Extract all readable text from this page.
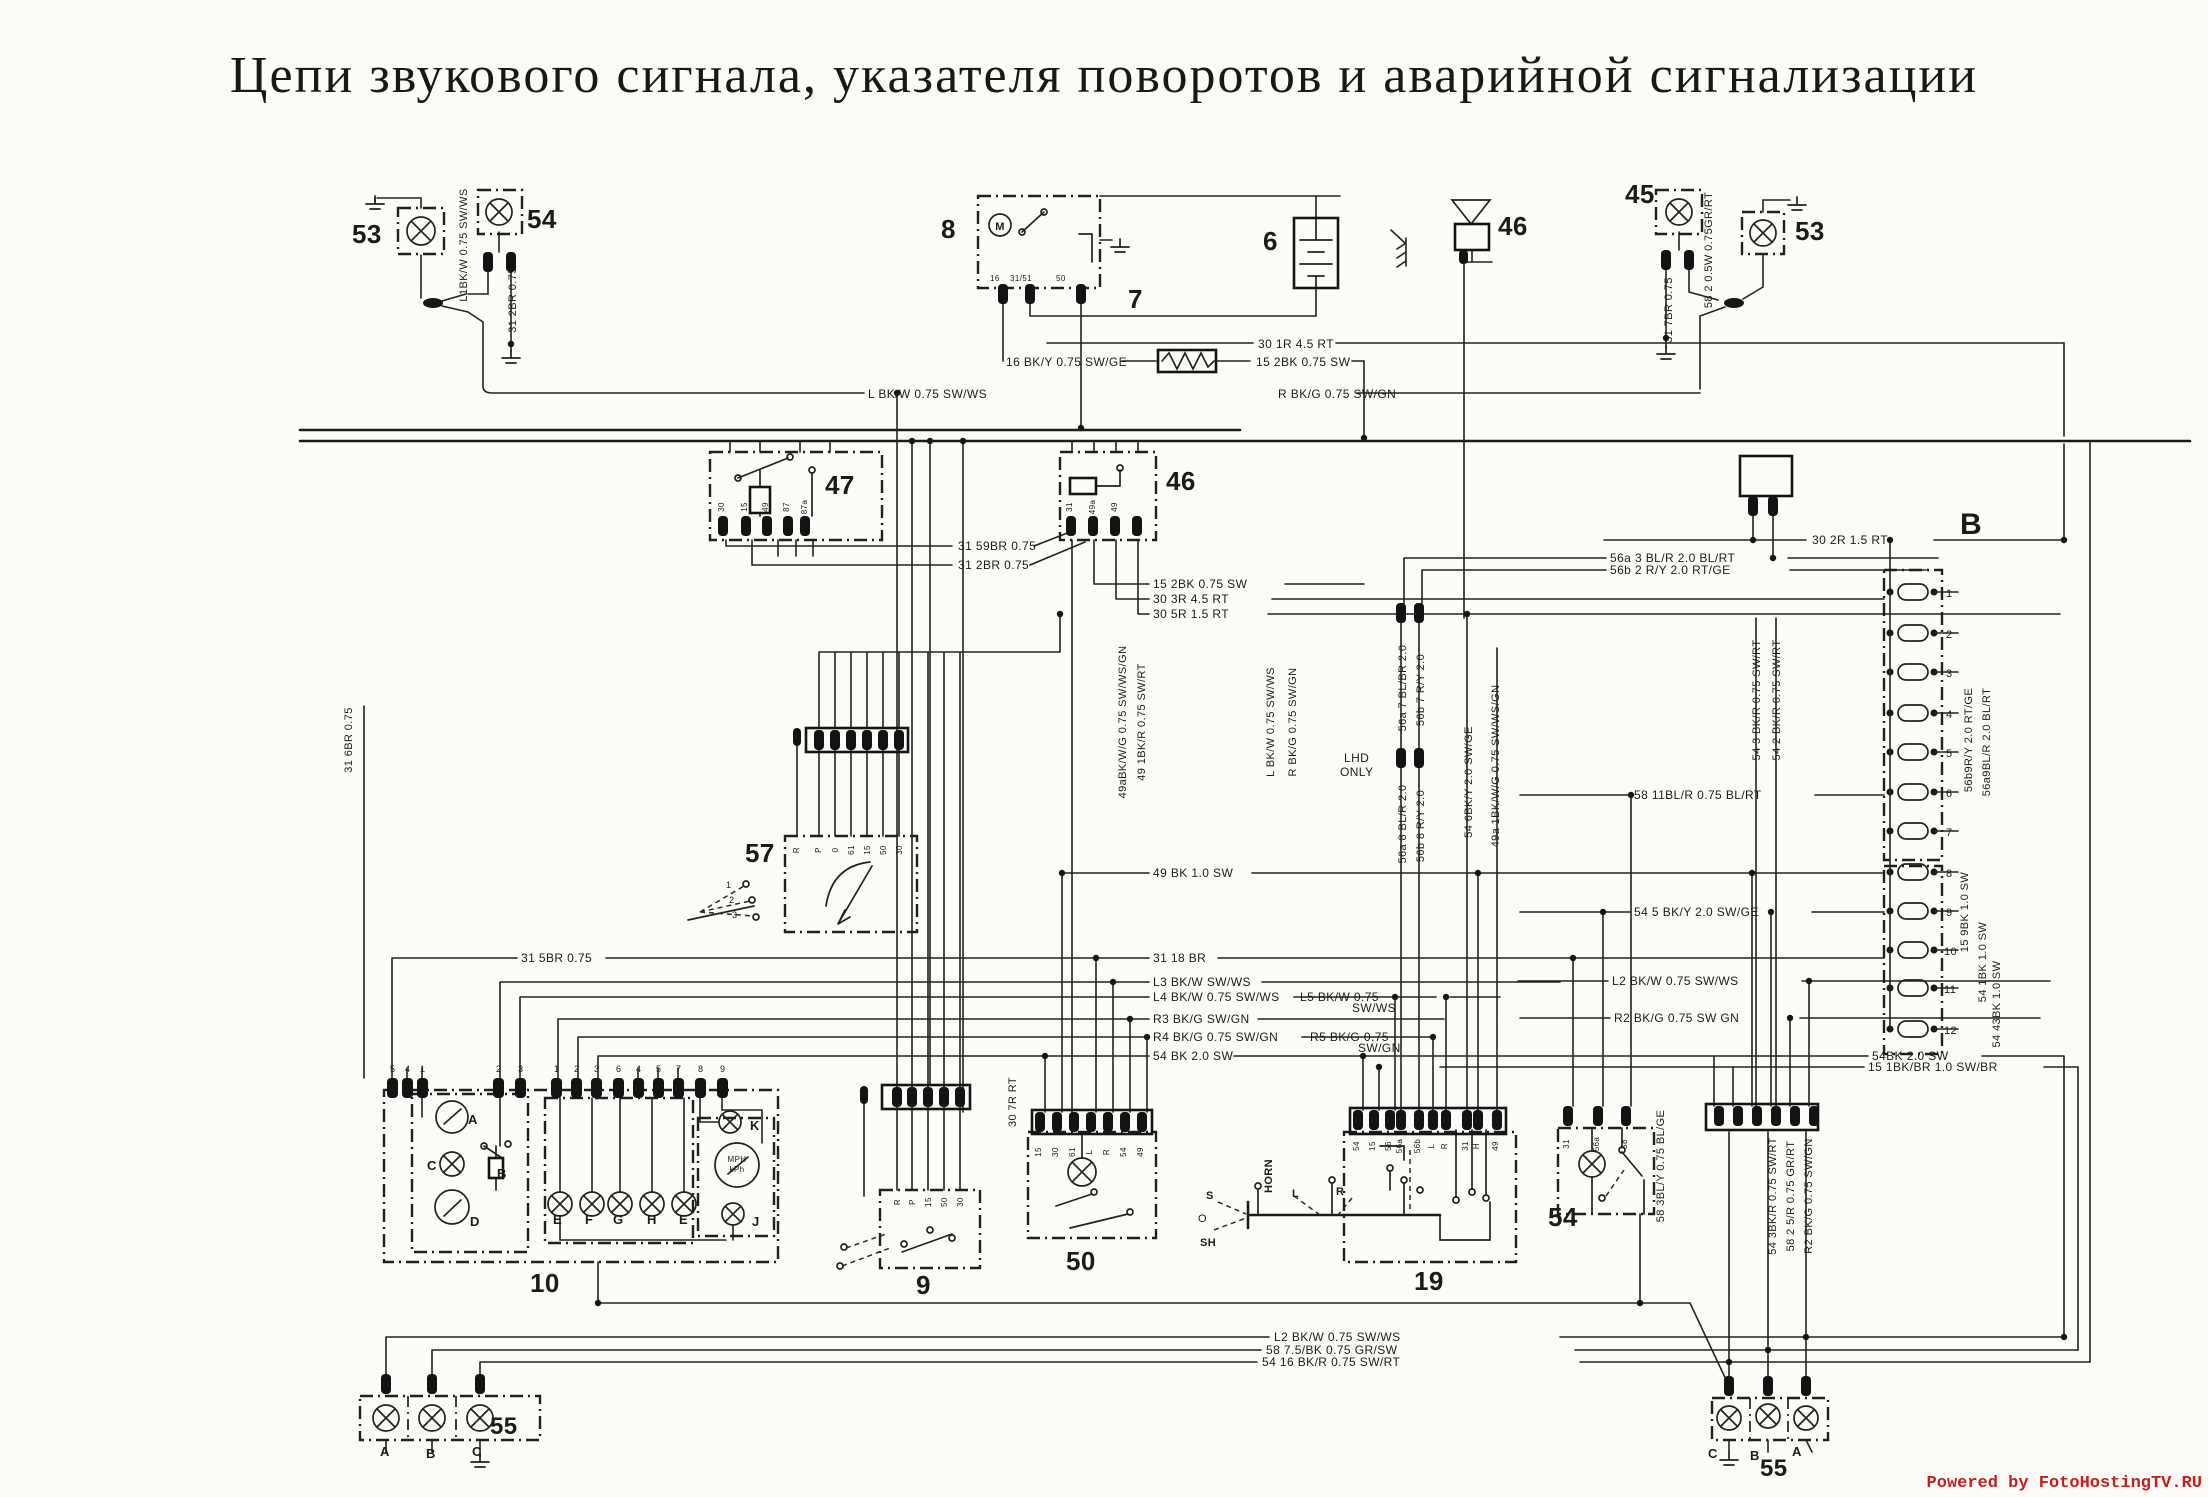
Цепи звукового сигнала, указателя поворотов и аварийной сигнализации
53	54	8
7
6	46
45
53
47	46
B
57
10	9
50
19
54
55
55
30 1R 4.5 RT
16 BK/Y 0.75 SW/GE	15 2BK 0.75 SW
L BK/W 0.75 SW/WS	R BK/G 0.75 SW/GN
31 59BR 0.75
31 2BR 0.75
15 2BK 0.75 SW
30 3R 4.5 RT
30 5R 1.5 RT
30 2R 1.5 RT
56a 3 BL/R 2.0 BL/RT
56b 2 R/Y 2.0 RT/GE
49 BK 1.0 SW
58 11BL/R 0.75 BL/RT
54 5 BK/Y 2.0 SW/GE
31 5BR 0.75	31 18 BR
L3 BK/W SW/WS
L4 BK/W 0.75 SW/WS L5 BK/W 0.75
SW/WS
R3 BK/G SW/GN
R4 BK/G 0.75 SW/GN	R5 BK/G 0.75
SW/GN
54 BK 2.0 SW
L2 BK/W 0.75 SW/WS
R2 BK/G 0.75 SW GN
54BK 2.0 SW
15 1BK/BR 1.0 SW/BR
L2 BK/W 0.75 SW/WS
58 7.5/BK 0.75 GR/SW
54 16 BK/R 0.75 SW/RT
LHD
ONLY
16 31/51	50
L1BK/W 0.75 SW/WS	31 2BR 0.75	58 2 0.5W 0.75GR/RT
31 7BR 0.75
31 6BR 0.75	49aBK/W/G 0.75 SW/WS/GN 49 1BK/R 0.75 SW/RT	L BK/W 0.75 SW/WS R BK/G 0.75 SW/GN	56a 7 BL/BR 2.0 56b 7 R/Y 2.0
56a 8 BL/R 2.0 56b 8 R/Y 2.0	54 6BK/Y 2.0 SW/GE 49a 1BK/W/G 0.75 SW/WS/GN	54 3 BK/R 0.75 SW/RT 54 2 BK/R 0.75 SW/RT	56b9R/Y 2.0 RT/GE 56a9BL/R 2.0 BL/RT
15 9BK 1.0 SW
54 1BK 1.0 SW 54 43BK 1.0 SW
30 7R RT
HORN	58 3BL/Y 0.75 BL/GE	54 3BK/R 0.75 SW/RT 58 2 5/R 0.75 GR/RT R2 BK/G 0.75 SW/GN
M
A
C
B
D	E F G H E
K
J
MPH
kPh
A	B	C	C B A
S
O
SH
L	R
5 4 1	2 3	1 2 3 6 4 5 7 8 9
30 15 49 87 87a	31 49a 49
R P 0 61 15 50 30
R P 15 50 30
15 30 61 L R 54 49
54 15 56 56a 56b L R 31 H 49	31	56a 58
1
2
3
4
5
6
7
8
9
10
11
12
1
2
3
Powered by FotoHostingTV.RU
